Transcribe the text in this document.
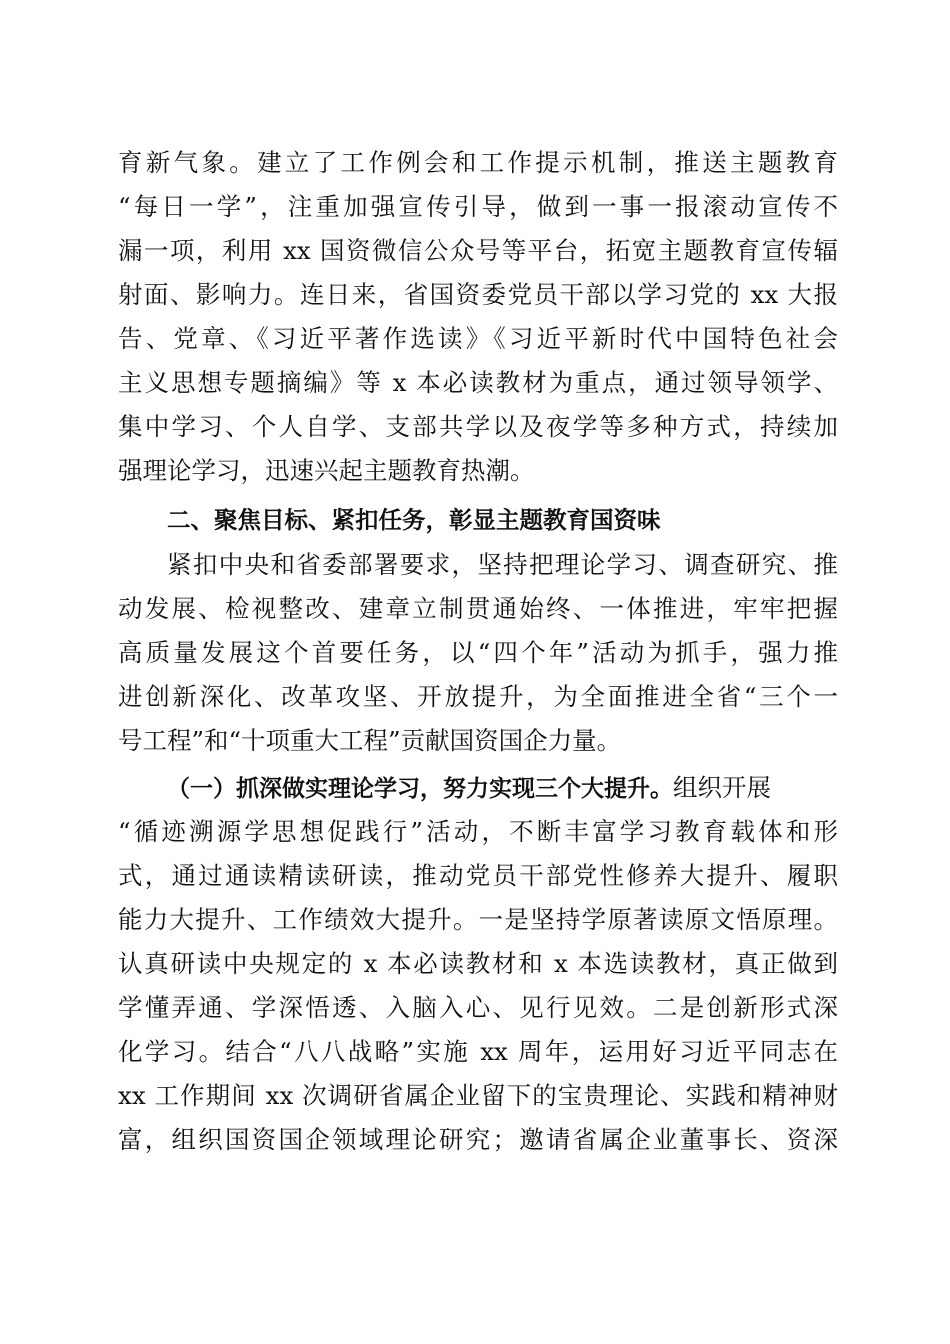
育新气象。建立了工作例会和工作提示机制，推送主题教育
“每日一学”，注重加强宣传引导，做到一事一报滚动宣传不
漏一项，利用 xx 国资微信公众号等平台，拓宽主题教育宣传辐
射面、影响力。连日来，省国资委党员干部以学习党的 xx 大报
告、党章、《习近平著作选读》《习近平新时代中国特色社会
主义思想专题摘编》等 x 本必读教材为重点，通过领导领学、
集中学习、个人自学、支部共学以及夜学等多种方式，持续加
强理论学习，迅速兴起主题教育热潮。
二、聚焦目标、紧扣任务，彰显主题教育国资味
紧扣中央和省委部署要求，坚持把理论学习、调查研究、推
动发展、检视整改、建章立制贯通始终、一体推进，牢牢把握
高质量发展这个首要任务，以“四个年”活动为抓手，强力推
进创新深化、改革攻坚、开放提升，为全面推进全省“三个一
号工程”和“十项重大工程”贡献国资国企力量。
（一）抓深做实理论学习，努力实现三个大提升。组织开展
“循迹溯源学思想促践行”活动，不断丰富学习教育载体和形
式，通过通读精读研读，推动党员干部党性修养大提升、履职
能力大提升、工作绩效大提升。一是坚持学原著读原文悟原理。
认真研读中央规定的 x 本必读教材和 x 本选读教材，真正做到
学懂弄通、学深悟透、入脑入心、见行见效。二是创新形式深
化学习。结合“八八战略”实施 xx 周年，运用好习近平同志在
xx 工作期间 xx 次调研省属企业留下的宝贵理论、实践和精神财
富，组织国资国企领域理论研究；邀请省属企业董事长、资深
